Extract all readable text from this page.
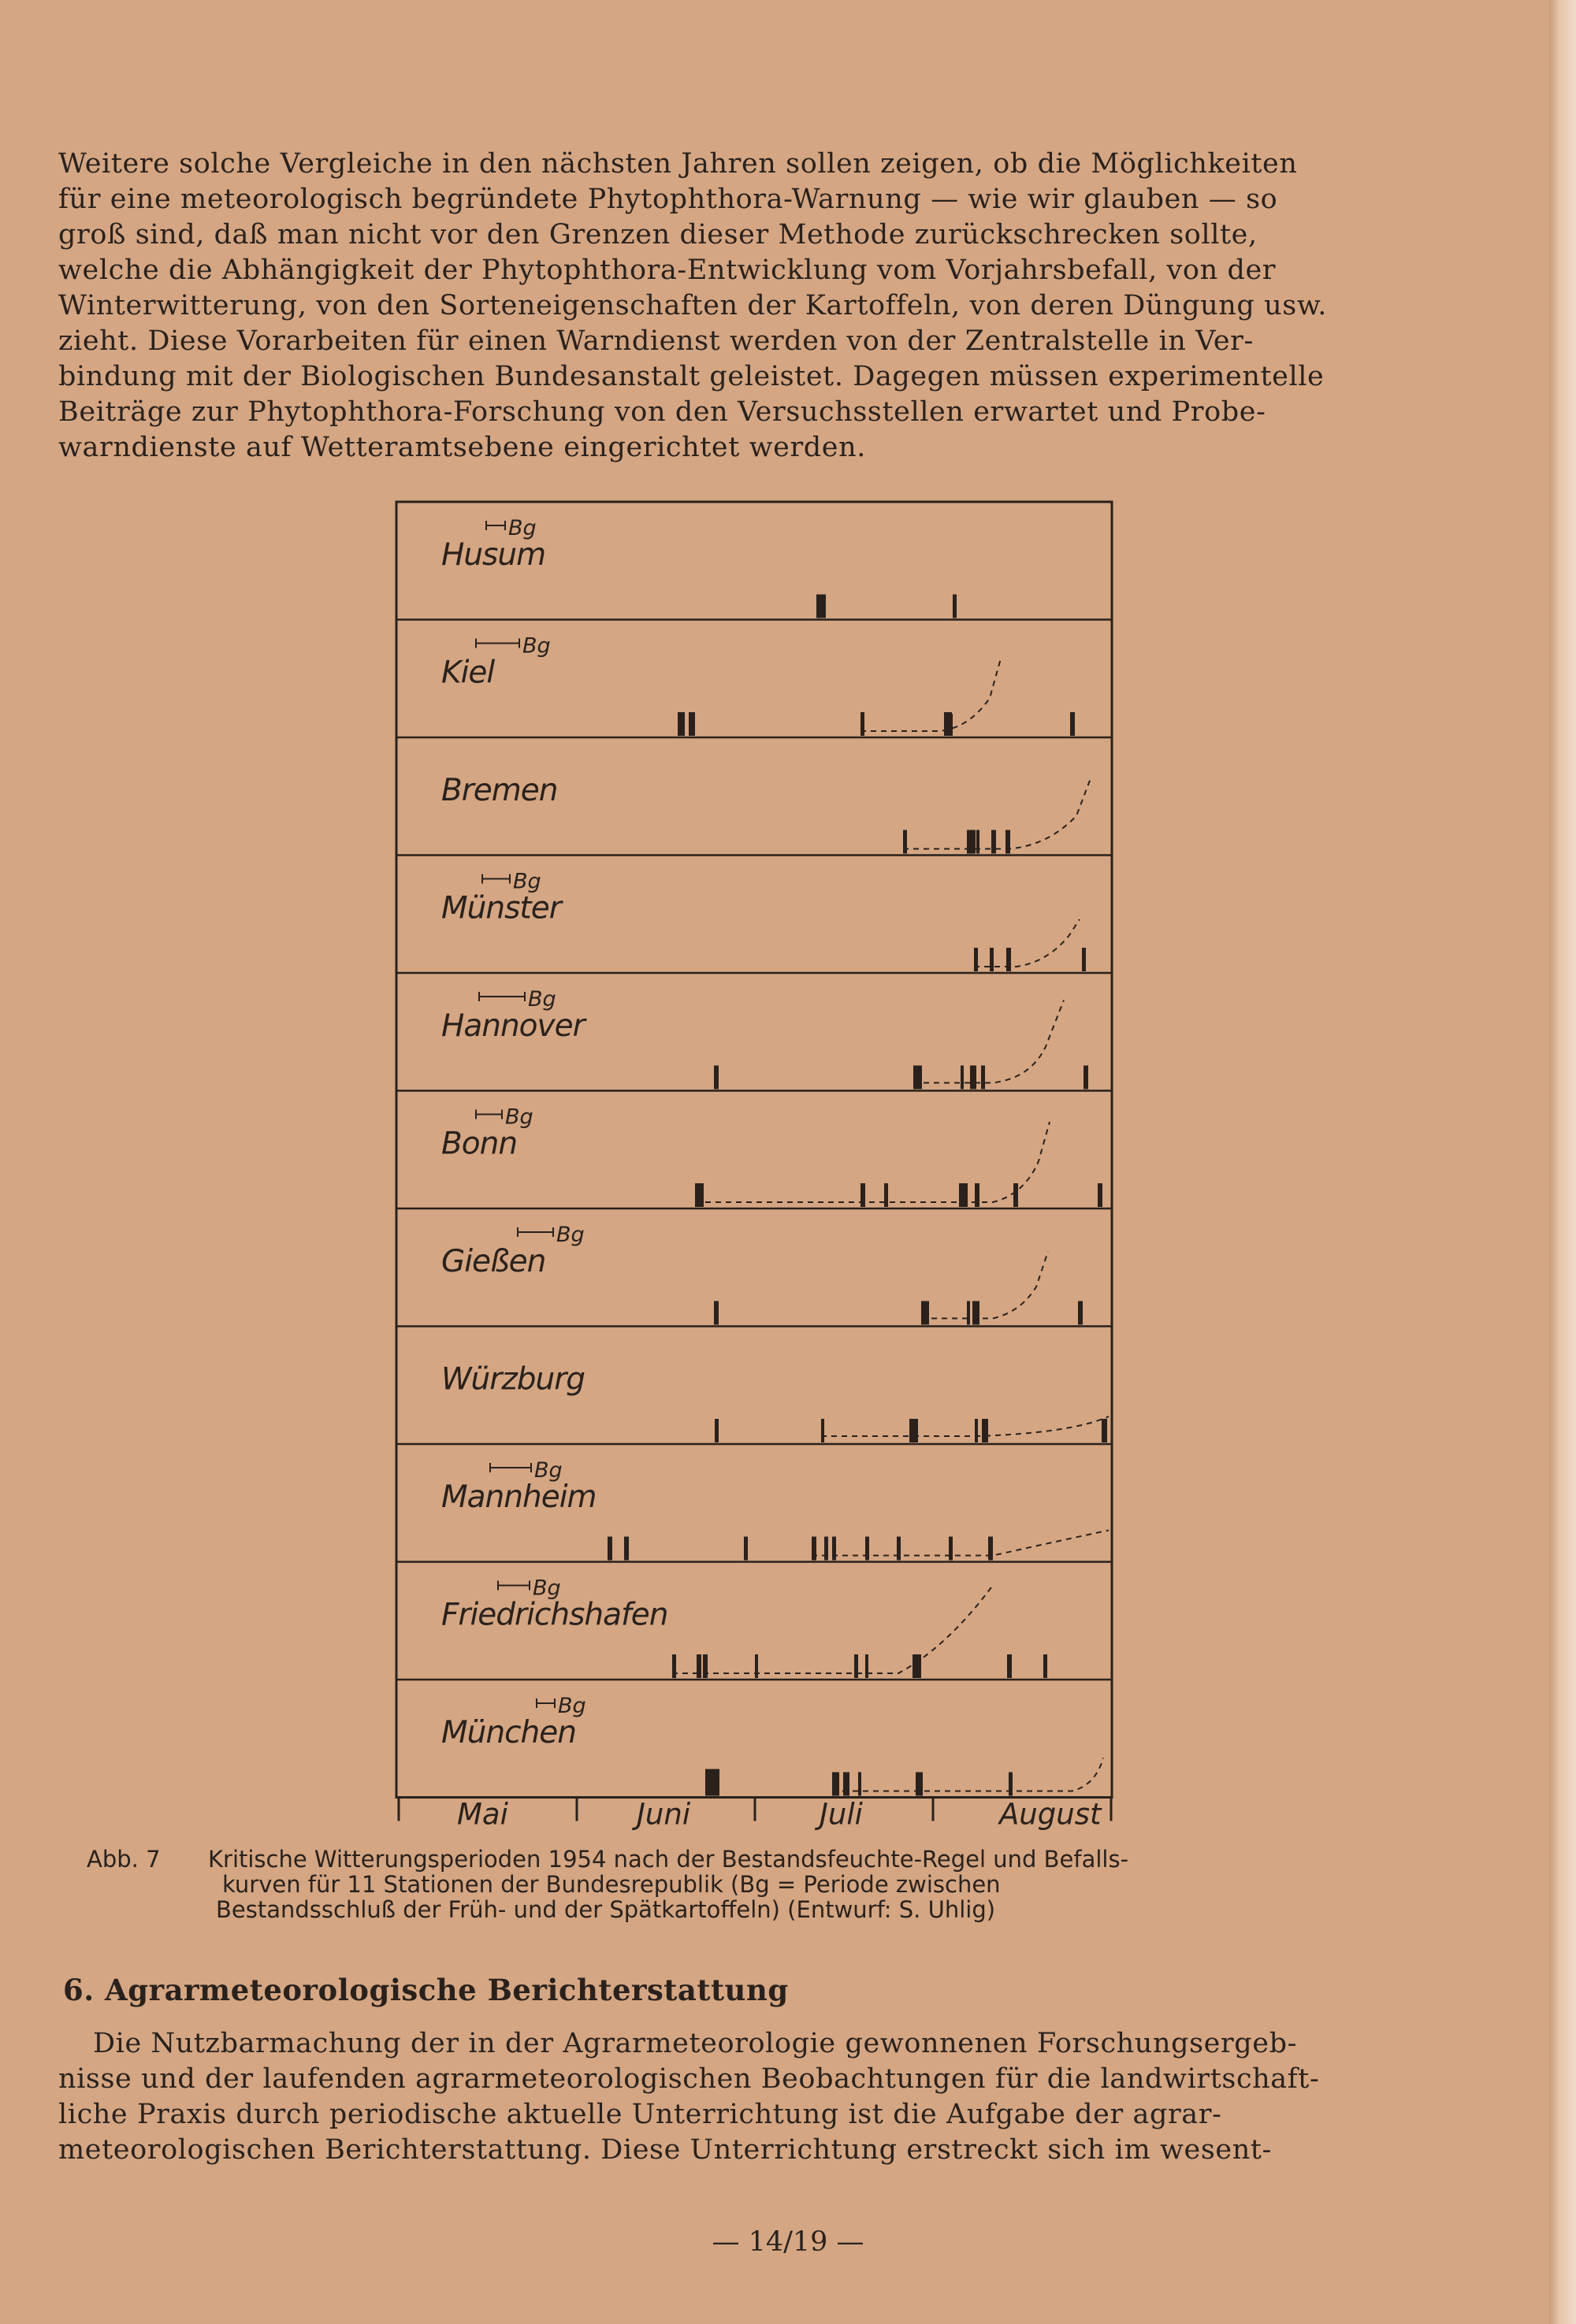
Weitere solche Vergleiche in den nächsten Jahren sollen zeigen, ob die Möglichkeiten
für eine meteorologisch begründete Phytophthora-Warnung — wie wir glauben — so
groß sind, daß man nicht vor den Grenzen dieser Methode zurückschrecken sollte,
welche die Abhängigkeit der Phytophthora-Entwicklung vom Vorjahrsbefall, von der
Winterwitterung, von den Sorteneigenschaften der Kartoffeln, von deren Düngung usw.
zieht. Diese Vorarbeiten für einen Warndienst werden von der Zentralstelle in Ver-
bindung mit der Biologischen Bundesanstalt geleistet. Dagegen müssen experimentelle
Beiträge zur Phytophthora-Forschung von den Versuchsstellen erwartet und Probe-
warndienste auf Wetteramtsebene eingerichtet werden.
Husum
Bg
Kiel
Bg
Bremen
Münster
Bg
Hannover
Bg
Bonn
Bg
Gießen
Bg
Würzburg
Mannheim
Bg
Friedrichshafen
Bg
München
Bg
Mai	Juni	Juli	August
Abb. 7 Kritische Witterungsperioden 1954 nach der Bestandsfeuchte-Regel und Befalls-
kurven für 11 Stationen der Bundesrepublik (Bg = Periode zwischen
Bestandsschluß der Früh- und der Spätkartoffeln) (Entwurf: S. Uhlig)
6. Agrarmeteorologische Berichterstattung
Die Nutzbarmachung der in der Agrarmeteorologie gewonnenen Forschungsergeb-
nisse und der laufenden agrarmeteorologischen Beobachtungen für die landwirtschaft-
liche Praxis durch periodische aktuelle Unterrichtung ist die Aufgabe der agrar-
meteorologischen Berichterstattung. Diese Unterrichtung erstreckt sich im wesent-
— 14/19 —
